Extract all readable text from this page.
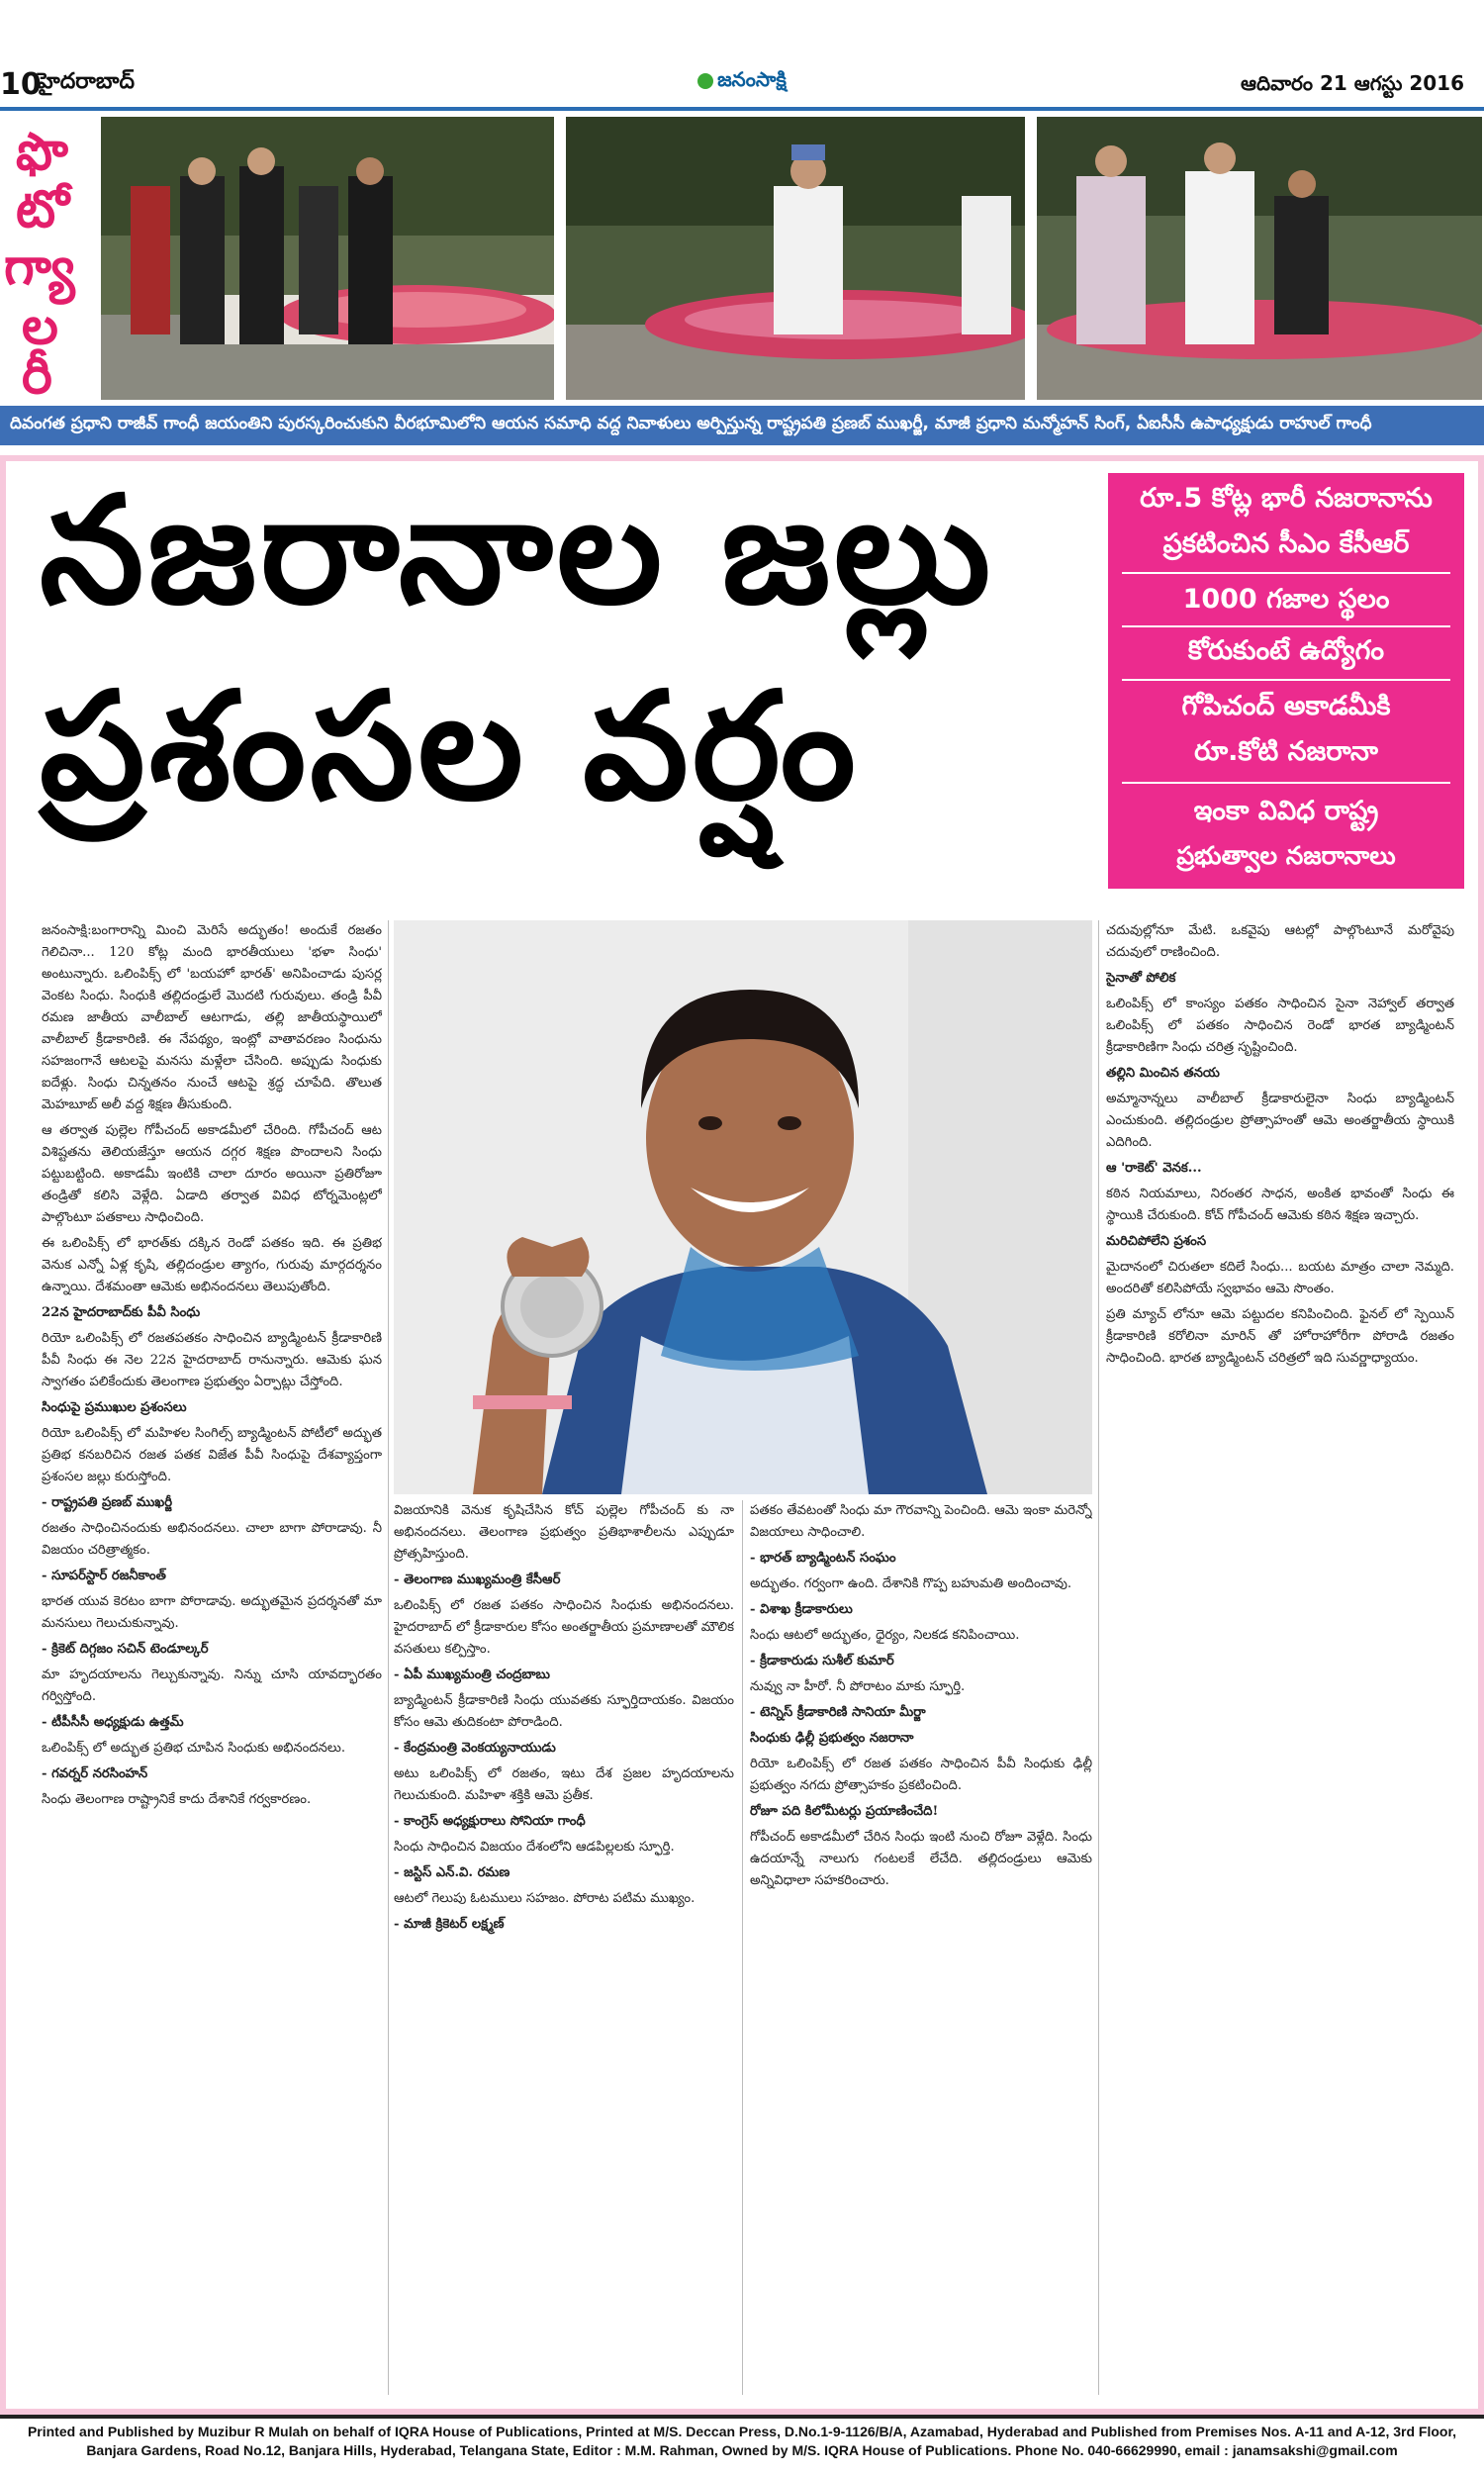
10
హైదరాబాద్	జనంసాక్షి	ఆదివారం 21 ఆగస్టు 2016
ఫొ
టో
గ్యా
ల
రీ
దివంగత ప్రధాని రాజీవ్ గాంధీ జయంతిని పురస్కరించుకుని వీరభూమిలోని ఆయన సమాధి వద్ద నివాళులు అర్పిస్తున్న రాష్ట్రపతి ప్రణబ్ ముఖర్జీ, మాజీ ప్రధాని మన్మోహన్ సింగ్, ఏఐసీసీ ఉపాధ్యక్షుడు రాహుల్ గాంధీ
నజరానాల జల్లు
ప్రశంసల వర్షం
రూ.5 కోట్ల భారీ నజరానాను
ప్రకటించిన సీఎం కేసీఆర్
1000 గజాల స్థలం
కోరుకుంటే ఉద్యోగం
గోపిచంద్ అకాడమీకి
రూ.కోటి నజరానా
ఇంకా వివిధ రాష్ట్ర
ప్రభుత్వాల నజరానాలు

జనంసాక్షి:బంగారాన్ని మించి మెరిసే అద్భుతం! అందుకే రజతం గెలిచినా... 120 కోట్ల మంది భారతీయులు 'భళా సింధు' అంటున్నారు. ఒలింపిక్స్ లో 'బయహో భారత్' అనిపించాడు పుసర్ల వెంకట సింధు. సింధుకి తల్లిదండ్రులే మొదటి గురువులు. తండ్రి పీవీ రమణ జాతీయ వాలీబాల్ ఆటగాడు, తల్లి జాతీయస్థాయిలో వాలీబాల్ క్రీడాకారిణి. ఈ నేపథ్యం, ఇంట్లో వాతావరణం సింధును సహజంగానే ఆటలపై మనసు మళ్లేలా చేసింది. అప్పుడు సింధుకు ఐదేళ్లు. సింధు చిన్నతనం నుంచే ఆటపై శ్రద్ధ చూపేది. తొలుత మెహబూబ్ అలీ వద్ద శిక్షణ తీసుకుంది.

ఆ తర్వాత పుల్లెల గోపీచంద్ అకాడమీలో చేరింది. గోపీచంద్ ఆట విశిష్టతను తెలియజేస్తూ ఆయన దగ్గర శిక్షణ పొందాలని సింధు పట్టుబట్టింది. అకాడమీ ఇంటికి చాలా దూరం అయినా ప్రతిరోజూ తండ్రితో కలిసి వెళ్లేది. ఏడాది తర్వాత వివిధ టోర్నమెంట్లలో పాల్గొంటూ పతకాలు సాధించింది.

ఈ ఒలింపిక్స్ లో భారత్‌కు దక్కిన రెండో పతకం ఇది. ఈ ప్రతిభ వెనుక ఎన్నో ఏళ్ల కృషి, తల్లిదండ్రుల త్యాగం, గురువు మార్గదర్శనం ఉన్నాయి. దేశమంతా ఆమెకు అభినందనలు తెలుపుతోంది.

22న హైదరాబాద్‌కు పీవీ సింధు

రియో ఒలింపిక్స్ లో రజతపతకం సాధించిన బ్యాడ్మింటన్ క్రీడాకారిణి పీవీ సింధు ఈ నెల 22న హైదరాబాద్ రానున్నారు. ఆమెకు ఘన స్వాగతం పలికేందుకు తెలంగాణ ప్రభుత్వం ఏర్పాట్లు చేస్తోంది.

సింధుపై ప్రముఖుల ప్రశంసలు

రియో ఒలింపిక్స్ లో మహిళల సింగిల్స్ బ్యాడ్మింటన్ పోటీలో అద్భుత ప్రతిభ కనబరిచిన రజత పతక విజేత పీవీ సింధుపై దేశవ్యాప్తంగా ప్రశంసల జల్లు కురుస్తోంది.

- రాష్ట్రపతి ప్రణబ్ ముఖర్జీ

రజతం సాధించినందుకు అభినందనలు. చాలా బాగా పోరాడావు. నీ విజయం చరిత్రాత్మకం.

- సూపర్‌స్టార్ రజనీకాంత్

భారత యువ కెరటం బాగా పోరాడావు. అద్భుతమైన ప్రదర్శనతో మా మనసులు గెలుచుకున్నావు.

- క్రికెట్ దిగ్గజం సచిన్ టెండూల్కర్

మా హృదయాలను గెల్చుకున్నావు. నిన్ను చూసి యావద్భారతం గర్విస్తోంది.

- టీపీసీసీ అధ్యక్షుడు ఉత్తమ్

ఒలింపిక్స్ లో అద్భుత ప్రతిభ చూపిన సింధుకు అభినందనలు.

- గవర్నర్ నరసింహన్

సింధు తెలంగాణ రాష్ట్రానికే కాదు దేశానికే గర్వకారణం.

విజయానికి వెనుక కృషిచేసిన కోచ్ పుల్లెల గోపీచంద్ కు నా అభినందనలు. తెలంగాణ ప్రభుత్వం ప్రతిభాశాలీలను ఎప్పుడూ ప్రోత్సహిస్తుంది.

- తెలంగాణ ముఖ్యమంత్రి కేసీఆర్

ఒలింపిక్స్ లో రజత పతకం సాధించిన సింధుకు అభినందనలు. హైదరాబాద్ లో క్రీడాకారుల కోసం అంతర్జాతీయ ప్రమాణాలతో మౌలిక వసతులు కల్పిస్తాం.

- ఏపీ ముఖ్యమంత్రి చంద్రబాబు

బ్యాడ్మింటన్ క్రీడాకారిణి సింధు యువతకు స్ఫూర్తిదాయకం. విజయం కోసం ఆమె తుదికంటా పోరాడింది.

- కేంద్రమంత్రి వెంకయ్యనాయుడు

అటు ఒలింపిక్స్ లో రజతం, ఇటు దేశ ప్రజల హృదయాలను గెలుచుకుంది. మహిళా శక్తికి ఆమె ప్రతీక.

- కాంగ్రెస్ అధ్యక్షురాలు సోనియా గాంధీ

సింధు సాధించిన విజయం దేశంలోని ఆడపిల్లలకు స్ఫూర్తి.

- జస్టిస్ ఎన్.వి. రమణ

ఆటలో గెలుపు ఓటములు సహజం. పోరాట పటిమ ముఖ్యం.

- మాజీ క్రికెటర్ లక్ష్మణ్

పతకం తేవటంతో సింధు మా గౌరవాన్ని పెంచింది. ఆమె ఇంకా మరెన్నో విజయాలు సాధించాలి.

- భారత్ బ్యాడ్మింటన్ సంఘం

అద్భుతం. గర్వంగా ఉంది. దేశానికి గొప్ప బహుమతి అందించావు.

- విశాఖ క్రీడాకారులు

సింధు ఆటలో అద్భుతం, ధైర్యం, నిలకడ కనిపించాయి.

- క్రీడాకారుడు సుశీల్ కుమార్

నువ్వు నా హీరో. నీ పోరాటం మాకు స్ఫూర్తి.

- టెన్నిస్ క్రీడాకారిణి సానియా మీర్జా

సింధుకు ఢిల్లీ ప్రభుత్వం నజరానా

రియో ఒలింపిక్స్ లో రజత పతకం సాధించిన పీవీ సింధుకు ఢిల్లీ ప్రభుత్వం నగదు ప్రోత్సాహకం ప్రకటించింది.

రోజూ పది కిలోమీటర్లు ప్రయాణించేది!

గోపీచంద్ అకాడమీలో చేరిన సింధు ఇంటి నుంచి రోజూ వెళ్లేది. సింధు ఉదయాన్నే నాలుగు గంటలకే లేచేది. తల్లిదండ్రులు ఆమెకు అన్నివిధాలా సహకరించారు.

చదువుల్లోనూ మేటి. ఒకవైపు ఆటల్లో పాల్గొంటూనే మరోవైపు చదువులో రాణించింది.

సైనాతో పోలిక

ఒలింపిక్స్ లో కాంస్యం పతకం సాధించిన సైనా నెహ్వాల్ తర్వాత ఒలింపిక్స్ లో పతకం సాధించిన రెండో భారత బ్యాడ్మింటన్ క్రీడాకారిణిగా సింధు చరిత్ర సృష్టించింది.

తల్లిని మించిన తనయ

అమ్మానాన్నలు వాలీబాల్ క్రీడాకారులైనా సింధు బ్యాడ్మింటన్ ఎంచుకుంది. తల్లిదండ్రుల ప్రోత్సాహంతో ఆమె అంతర్జాతీయ స్థాయికి ఎదిగింది.

ఆ 'రాకెట్' వెనక...

కఠిన నియమాలు, నిరంతర సాధన, అంకిత భావంతో సింధు ఈ స్థాయికి చేరుకుంది. కోచ్ గోపీచంద్ ఆమెకు కఠిన శిక్షణ ఇచ్చారు.

మరిచిపోలేని ప్రశంస

మైదానంలో చిరుతలా కదిలే సింధు... బయట మాత్రం చాలా నెమ్మది. అందరితో కలిసిపోయే స్వభావం ఆమె సొంతం.

ప్రతి మ్యాచ్ లోనూ ఆమె పట్టుదల కనిపించింది. ఫైనల్ లో స్పెయిన్ క్రీడాకారిణి కరోలినా మారిన్ తో హోరాహోరీగా పోరాడి రజతం సాధించింది. భారత బ్యాడ్మింటన్ చరిత్రలో ఇది సువర్ణాధ్యాయం.

Printed and Published by Muzibur R Mulah on behalf of IQRA House of Publications, Printed at M/S. Deccan Press, D.No.1-9-1126/B/A, Azamabad, Hyderabad and Published from Premises Nos. A-11 and A-12, 3rd Floor, Banjara Gardens, Road No.12, Banjara Hills, Hyderabad, Telangana State, Editor : M.M. Rahman, Owned by M/S. IQRA House of Publications. Phone No. 040-66629990, email : janamsakshi@gmail.com
